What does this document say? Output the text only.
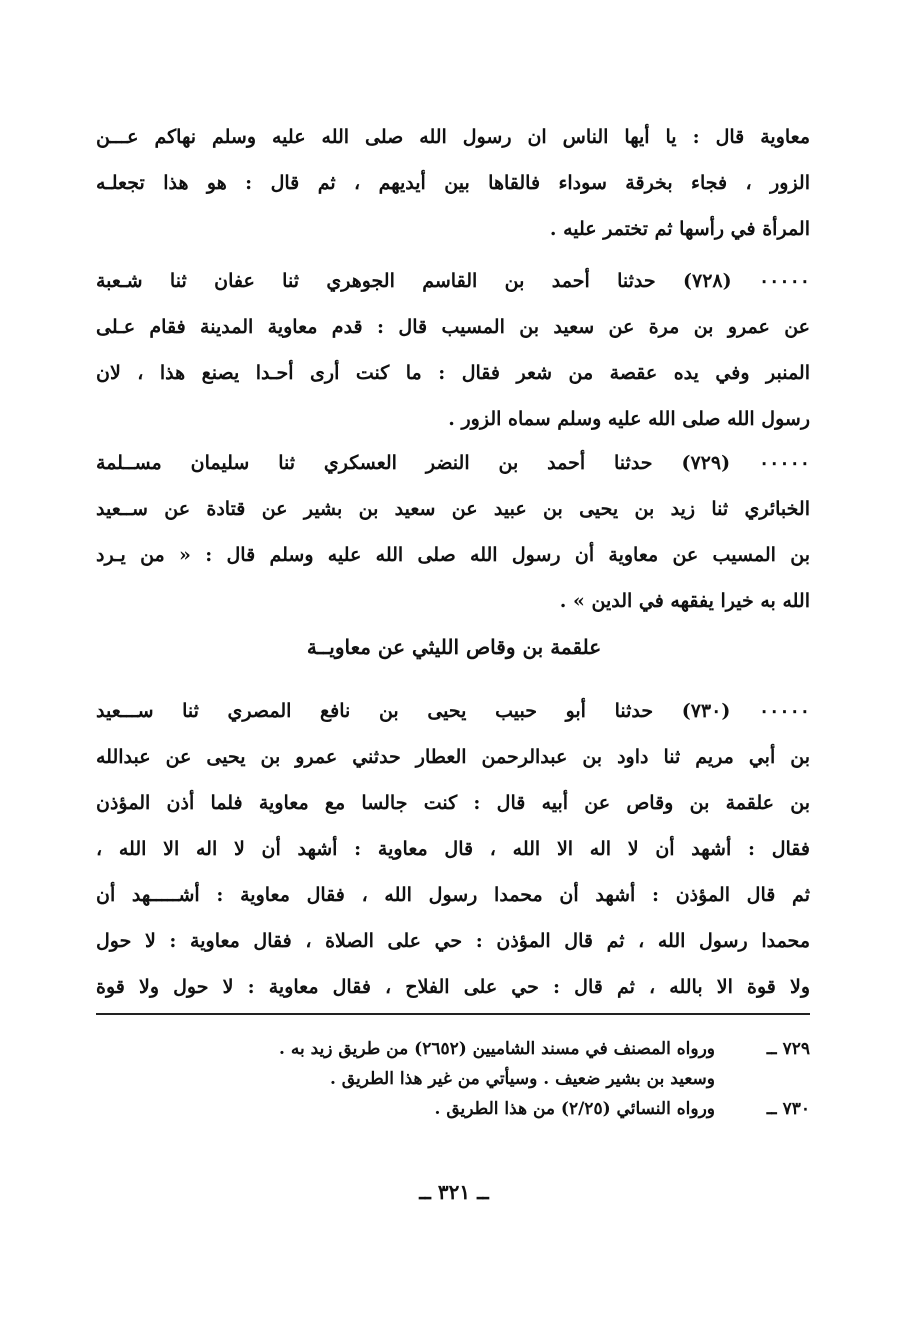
معاوية قال : يا أيها الناس ان رسول الله صلى الله عليه وسلم نهاكم عـــن
الزور ، فجاء بخرقة سوداء فالقاها بين أيديهم ، ثم قال : هو هذا تجعلـه
المرأة في رأسها ثم تختمر عليه .
٠٠٠٠٠ (٧٢٨) حدثنا أحمد بن القاسم الجوهري ثنا عفان ثنا شـعبة
عن عمرو بن مرة عن سعيد بن المسيب قال : قدم معاوية المدينة فقام عـلى
المنبر وفي يده عقصة من شعر فقال : ما كنت أرى أحـدا يصنع هذا ، لان
رسول الله صلى الله عليه وسلم سماه الزور .
٠٠٠٠٠ (٧٢٩) حدثنا أحمد بن النضر العسكري ثنا سليمان مســلمة
الخبائري ثنا زيد بن يحيى بن عبيد عن سعيد بن بشير عن قتادة عن ســعيد
بن المسيب عن معاوية أن رسول الله صلى الله عليه وسلم قال : « من يـرد
الله به خيرا يفقهه في الدين » .
علقمة بن وقاص الليثي عن معاويــة
٠٠٠٠٠ (٧٣٠) حدثنا أبو حبيب يحيى بن نافع المصري ثنا ســـعيد
بن أبي مريم ثنا داود بن عبدالرحمن العطار حدثني عمرو بن يحيى عن عبدالله
بن علقمة بن وقاص عن أبيه قال : كنت جالسا مع معاوية فلما أذن المؤذن
فقال : أشهد أن لا اله الا الله ، قال معاوية : أشهد أن لا اله الا الله ،
ثم قال المؤذن : أشهد أن محمدا رسول الله ، فقال معاوية : أشـــــهد أن
محمدا رسول الله ، ثم قال المؤذن : حي على الصلاة ، فقال معاوية : لا حول
ولا قوة الا بالله ، ثم قال : حي على الفلاح ، فقال معاوية : لا حول ولا قوة
٧٢٩ ــورواه المصنف في مسند الشاميين (٢٦٥٢) من طريق زيد به .
وسعيد بن بشير ضعيف . وسيأتي من غير هذا الطريق .
٧٣٠ ــورواه النسائي (٢/٢٥) من هذا الطريق .
ــ ٣٢١ ــ
